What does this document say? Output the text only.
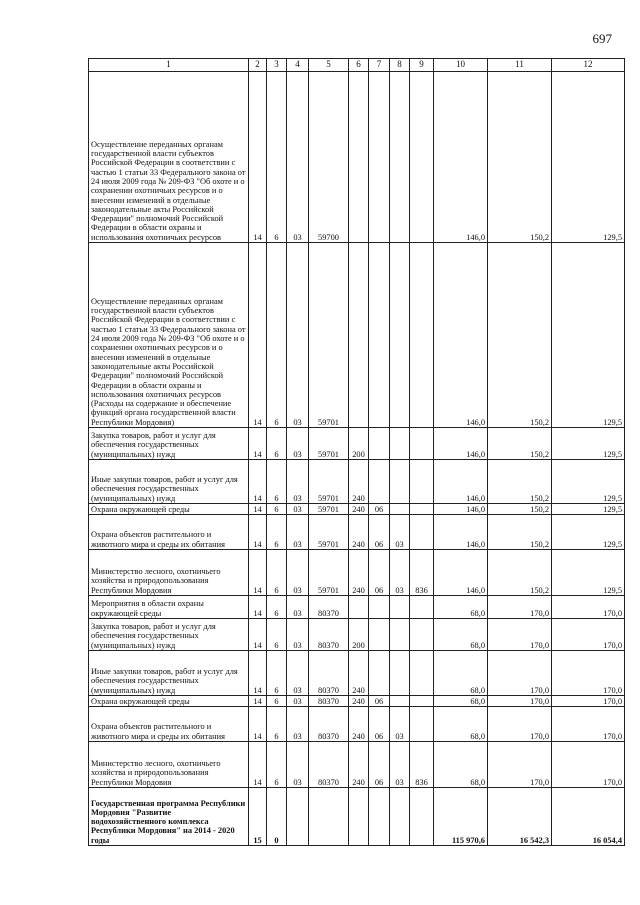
697
1	2	3	4	5	6	7	8	9	10	11	12
Осуществление переданных органам государственной власти субъектов Российской Федерации в соответствии с частью 1 статьи 33 Федерального закона от 24 июля 2009 года № 209-ФЗ "Об охоте и о сохранении охотничьих ресурсов и о внесении изменений в отдельные законодательные акты Российской Федерации" полномочий Российской Федерации в области охраны и использования охотничьих ресурсов	14	6	03	59700					146,0	150,2	129,5
Осуществление переданных органам государственной власти субъектов Российской Федерации в соответствии с частью 1 статьи 33 Федерального закона от 24 июля 2009 года № 209-ФЗ "Об охоте и о сохранении охотничьих ресурсов и о внесении изменений в отдельные законодательные акты Российской Федерации" полномочий Российской Федерации в области охраны и использования охотничьих ресурсов (Расходы на содержание и обеспечение функций органа государственной власти Республики Мордовия)	14	6	03	59701					146,0	150,2	129,5
Закупка товаров, работ и услуг для обеспечения государственных (муниципальных) нужд	14	6	03	59701	200				146,0	150,2	129,5
Иные закупки товаров, работ и услуг для обеспечения государственных (муниципальных) нужд	14	6	03	59701	240				146,0	150,2	129,5
Охрана окружающей среды	14	6	03	59701	240	06			146,0	150,2	129,5
Охрана объектов растительного и животного мира и среды их обитания	14	6	03	59701	240	06	03		146,0	150,2	129,5
Министерство лесного, охотничьего хозяйства и природопользования Республики Мордовия	14	6	03	59701	240	06	03	836	146,0	150,2	129,5
Мероприятия в области охраны окружающей среды	14	6	03	80370					68,0	170,0	170,0
Закупка товаров, работ и услуг для обеспечения государственных (муниципальных) нужд	14	6	03	80370	200				68,0	170,0	170,0
Иные закупки товаров, работ и услуг для обеспечения государственных (муниципальных) нужд	14	6	03	80370	240				68,0	170,0	170,0
Охрана окружающей среды	14	6	03	80370	240	06			68,0	170,0	170,0
Охрана объектов растительного и животного мира и среды их обитания	14	6	03	80370	240	06	03		68,0	170,0	170,0
Министерство лесного, охотничьего хозяйства и природопользования Республики Мордовия	14	6	03	80370	240	06	03	836	68,0	170,0	170,0
Государственная программа Республики Мордовия "Развитие водохозяйственного комплекса Республики Мордовия" на 2014 - 2020 годы	15	0							115 970,6	16 542,3	16 054,4
